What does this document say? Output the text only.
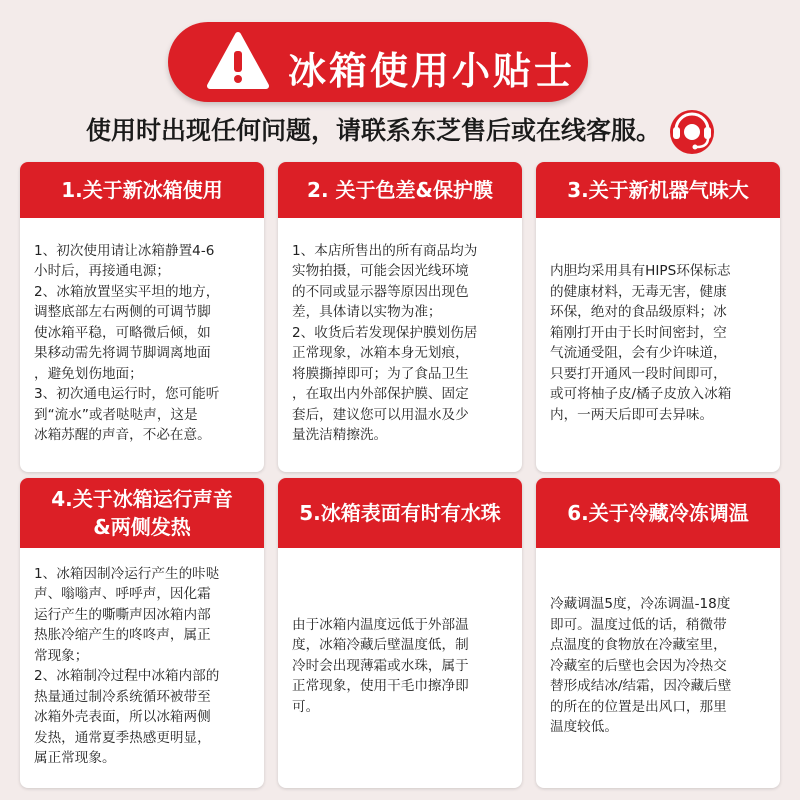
冰箱使用小贴士
使用时出现任何问题，请联系东芝售后或在线客服。
1.关于新冰箱使用

1、初次使用请让冰箱静置4-6
小时后，再接通电源；
2、冰箱放置坚实平坦的地方，
调整底部左右两侧的可调节脚
使冰箱平稳，可略微后倾，如
果移动需先将调节脚调离地面
，避免划伤地面；
3、初次通电运行时，您可能听
到“流水”或者哒哒声，这是
冰箱苏醒的声音，不必在意。

2. 关于色差&保护膜

1、本店所售出的所有商品均为
实物拍摄，可能会因光线环境
的不同或显示器等原因出现色
差，具体请以实物为准；
2、收货后若发现保护膜划伤居
正常现象，冰箱本身无划痕，
将膜撕掉即可；为了食品卫生
，在取出内外部保护膜、固定
套后，建议您可以用温水及少
量洗洁精擦洗。

3.关于新机器气味大

内胆均采用具有HIPS环保标志
的健康材料，无毒无害，健康
环保，绝对的食品级原料；冰
箱刚打开由于长时间密封，空
气流通受阻，会有少许味道，
只要打开通风一段时间即可，
或可将柚子皮/橘子皮放入冰箱
内，一两天后即可去异味。

4.关于冰箱运行声音
&两侧发热

1、冰箱因制冷运行产生的咔哒
声、嗡嗡声、呼呼声，因化霜
运行产生的嘶嘶声因冰箱内部
热胀冷缩产生的咚咚声，属正
常现象；
2、冰箱制冷过程中冰箱内部的
热量通过制冷系统循环被带至
冰箱外壳表面，所以冰箱两侧
发热，通常夏季热感更明显，
属正常现象。

5.冰箱表面有时有水珠

由于冰箱内温度远低于外部温
度，冰箱冷藏后壁温度低，制
冷时会出现薄霜或水珠，属于
正常现象，使用干毛巾擦净即
可。

6.关于冷藏冷冻调温

冷藏调温5度，冷冻调温-18度
即可。温度过低的话，稍微带
点温度的食物放在冷藏室里，
冷藏室的后壁也会因为冷热交
替形成结冰/结霜，因冷藏后壁
的所在的位置是出风口，那里
温度较低。
